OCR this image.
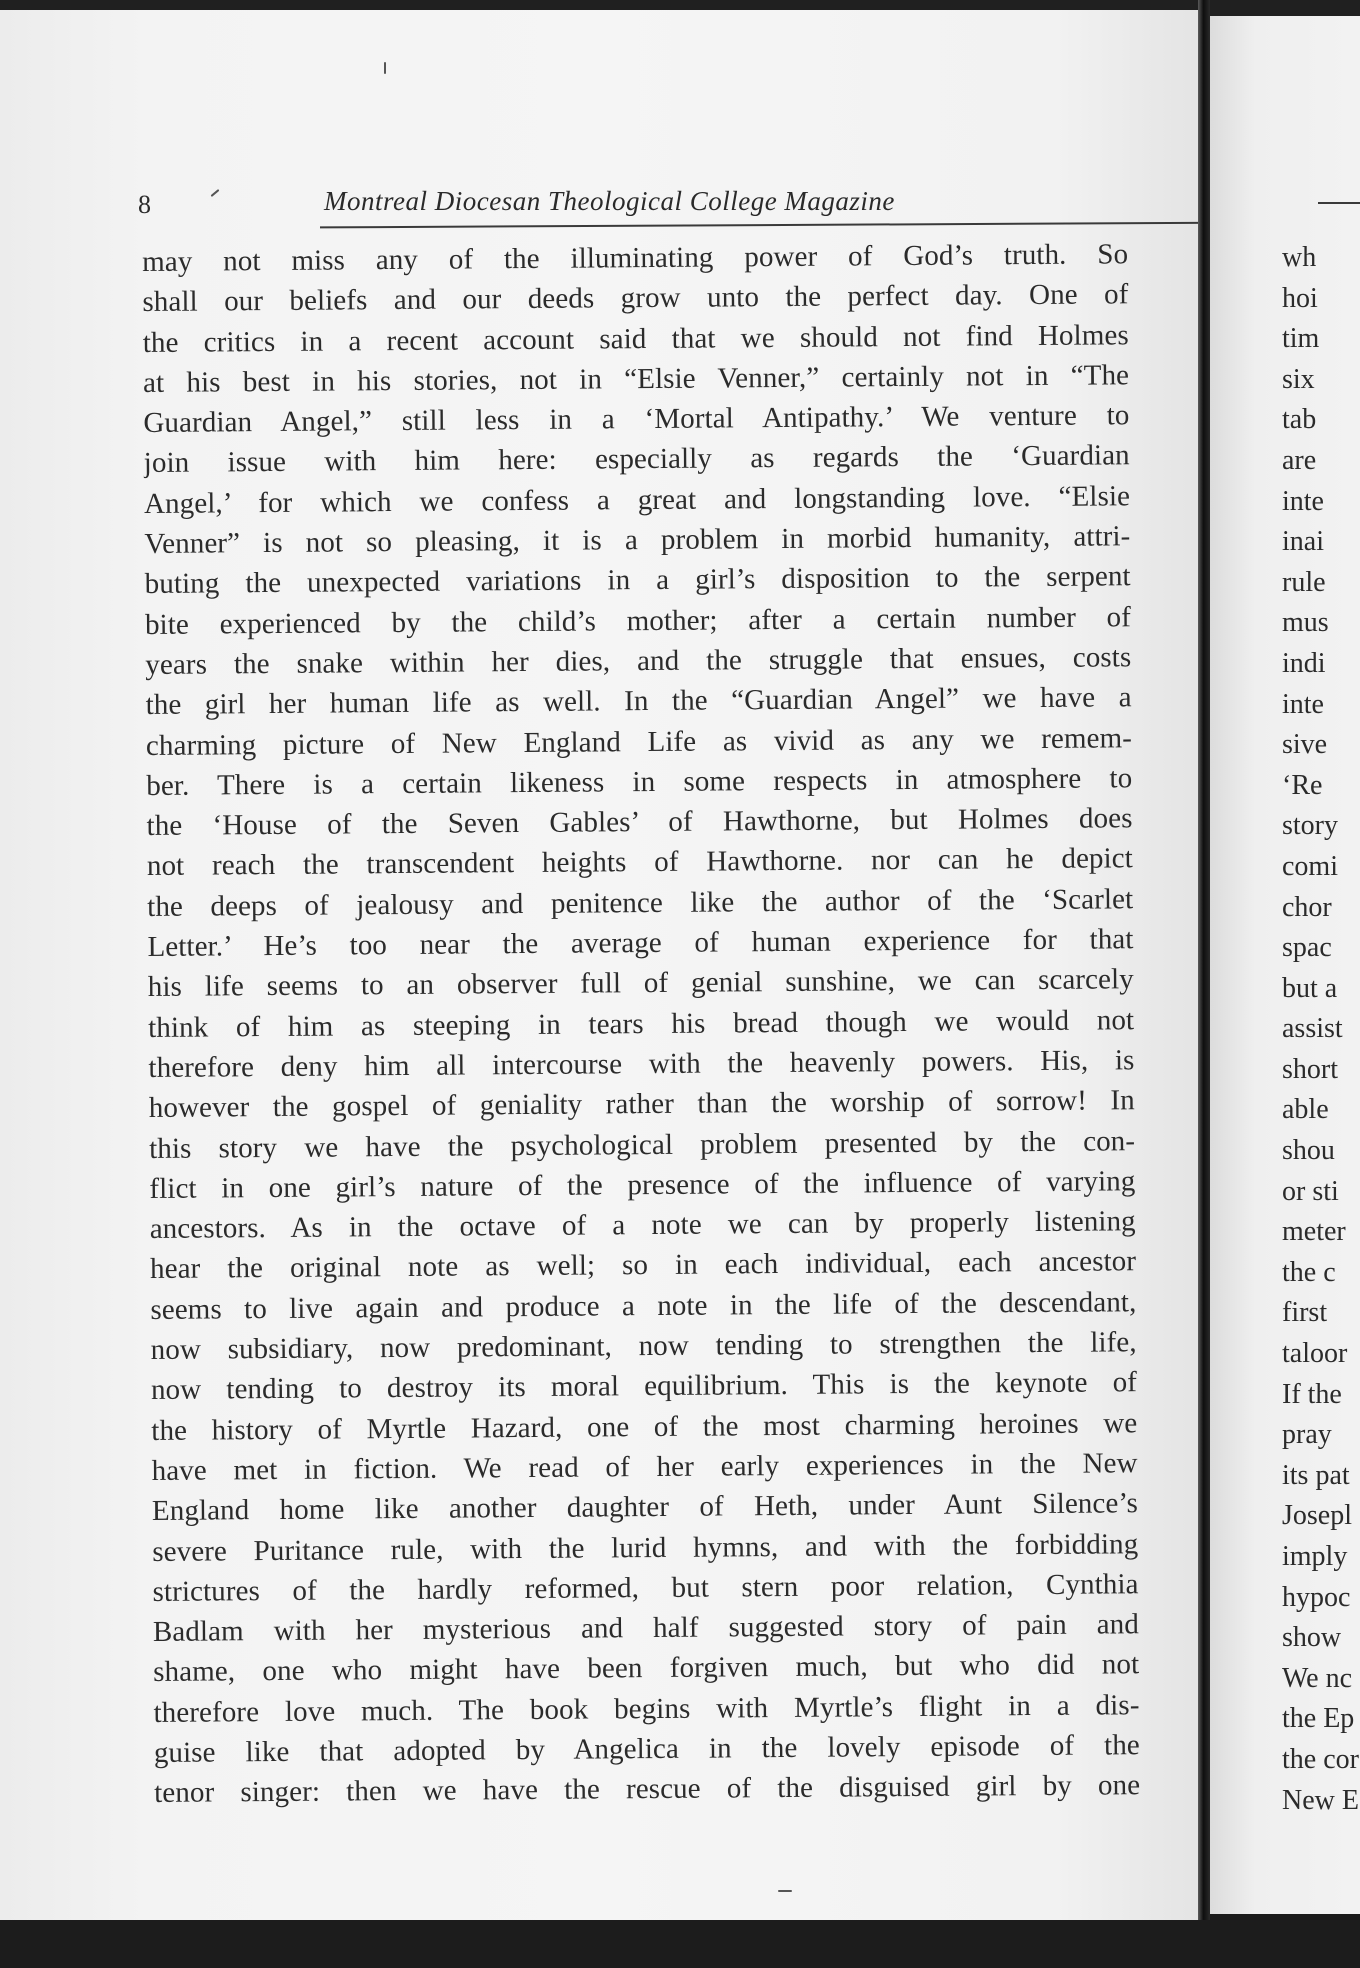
8	Montreal Diocesan Theological College Magazine
may not miss any of the illuminating power of God’s truth. So
shall our beliefs and our deeds grow unto the perfect day. One of
the critics in a recent account said that we should not find Holmes
at his best in his stories, not in “Elsie Venner,” certainly not in “The
Guardian Angel,” still less in a ‘Mortal Antipathy.’ We venture to
join issue with him here: especially as regards the ‘Guardian
Angel,’ for which we confess a great and longstanding love. “Elsie
Venner” is not so pleasing, it is a problem in morbid humanity, attri-
buting the unexpected variations in a girl’s disposition to the serpent
bite experienced by the child’s mother; after a certain number of
years the snake within her dies, and the struggle that ensues, costs
the girl her human life as well. In the “Guardian Angel” we have a
charming picture of New England Life as vivid as any we remem-
ber. There is a certain likeness in some respects in atmosphere to
the ‘House of the Seven Gables’ of Hawthorne, but Holmes does
not reach the transcendent heights of Hawthorne. nor can he depict
the deeps of jealousy and penitence like the author of the ‘Scarlet
Letter.’ He’s too near the average of human experience for that
his life seems to an observer full of genial sunshine, we can scarcely
think of him as steeping in tears his bread though we would not
therefore deny him all intercourse with the heavenly powers. His, is
however the gospel of geniality rather than the worship of sorrow! In
this story we have the psychological problem presented by the con-
flict in one girl’s nature of the presence of the influence of varying
ancestors. As in the octave of a note we can by properly listening
hear the original note as well; so in each individual, each ancestor
seems to live again and produce a note in the life of the descendant,
now subsidiary, now predominant, now tending to strengthen the life,
now tending to destroy its moral equilibrium. This is the keynote of
the history of Myrtle Hazard, one of the most charming heroines we
have met in fiction. We read of her early experiences in the New
England home like another daughter of Heth, under Aunt Silence’s
severe Puritance rule, with the lurid hymns, and with the forbidding
strictures of the hardly reformed, but stern poor relation, Cynthia
Badlam with her mysterious and half suggested story of pain and
shame, one who might have been forgiven much, but who did not
therefore love much. The book begins with Myrtle’s flight in a dis-
guise like that adopted by Angelica in the lovely episode of the
tenor singer: then we have the rescue of the disguised girl by one
wh
hoi
tim
six
tab
are
inte
inai
rule
mus
indi
inte
sive
‘Re
story
comi
chor
spac
but a
assist
short
able
shou
or sti
meter
the c
first
taloor
If the
pray
its pat
Josepl
imply
hypoc
show
We nc
the Ep
the cor
New E
